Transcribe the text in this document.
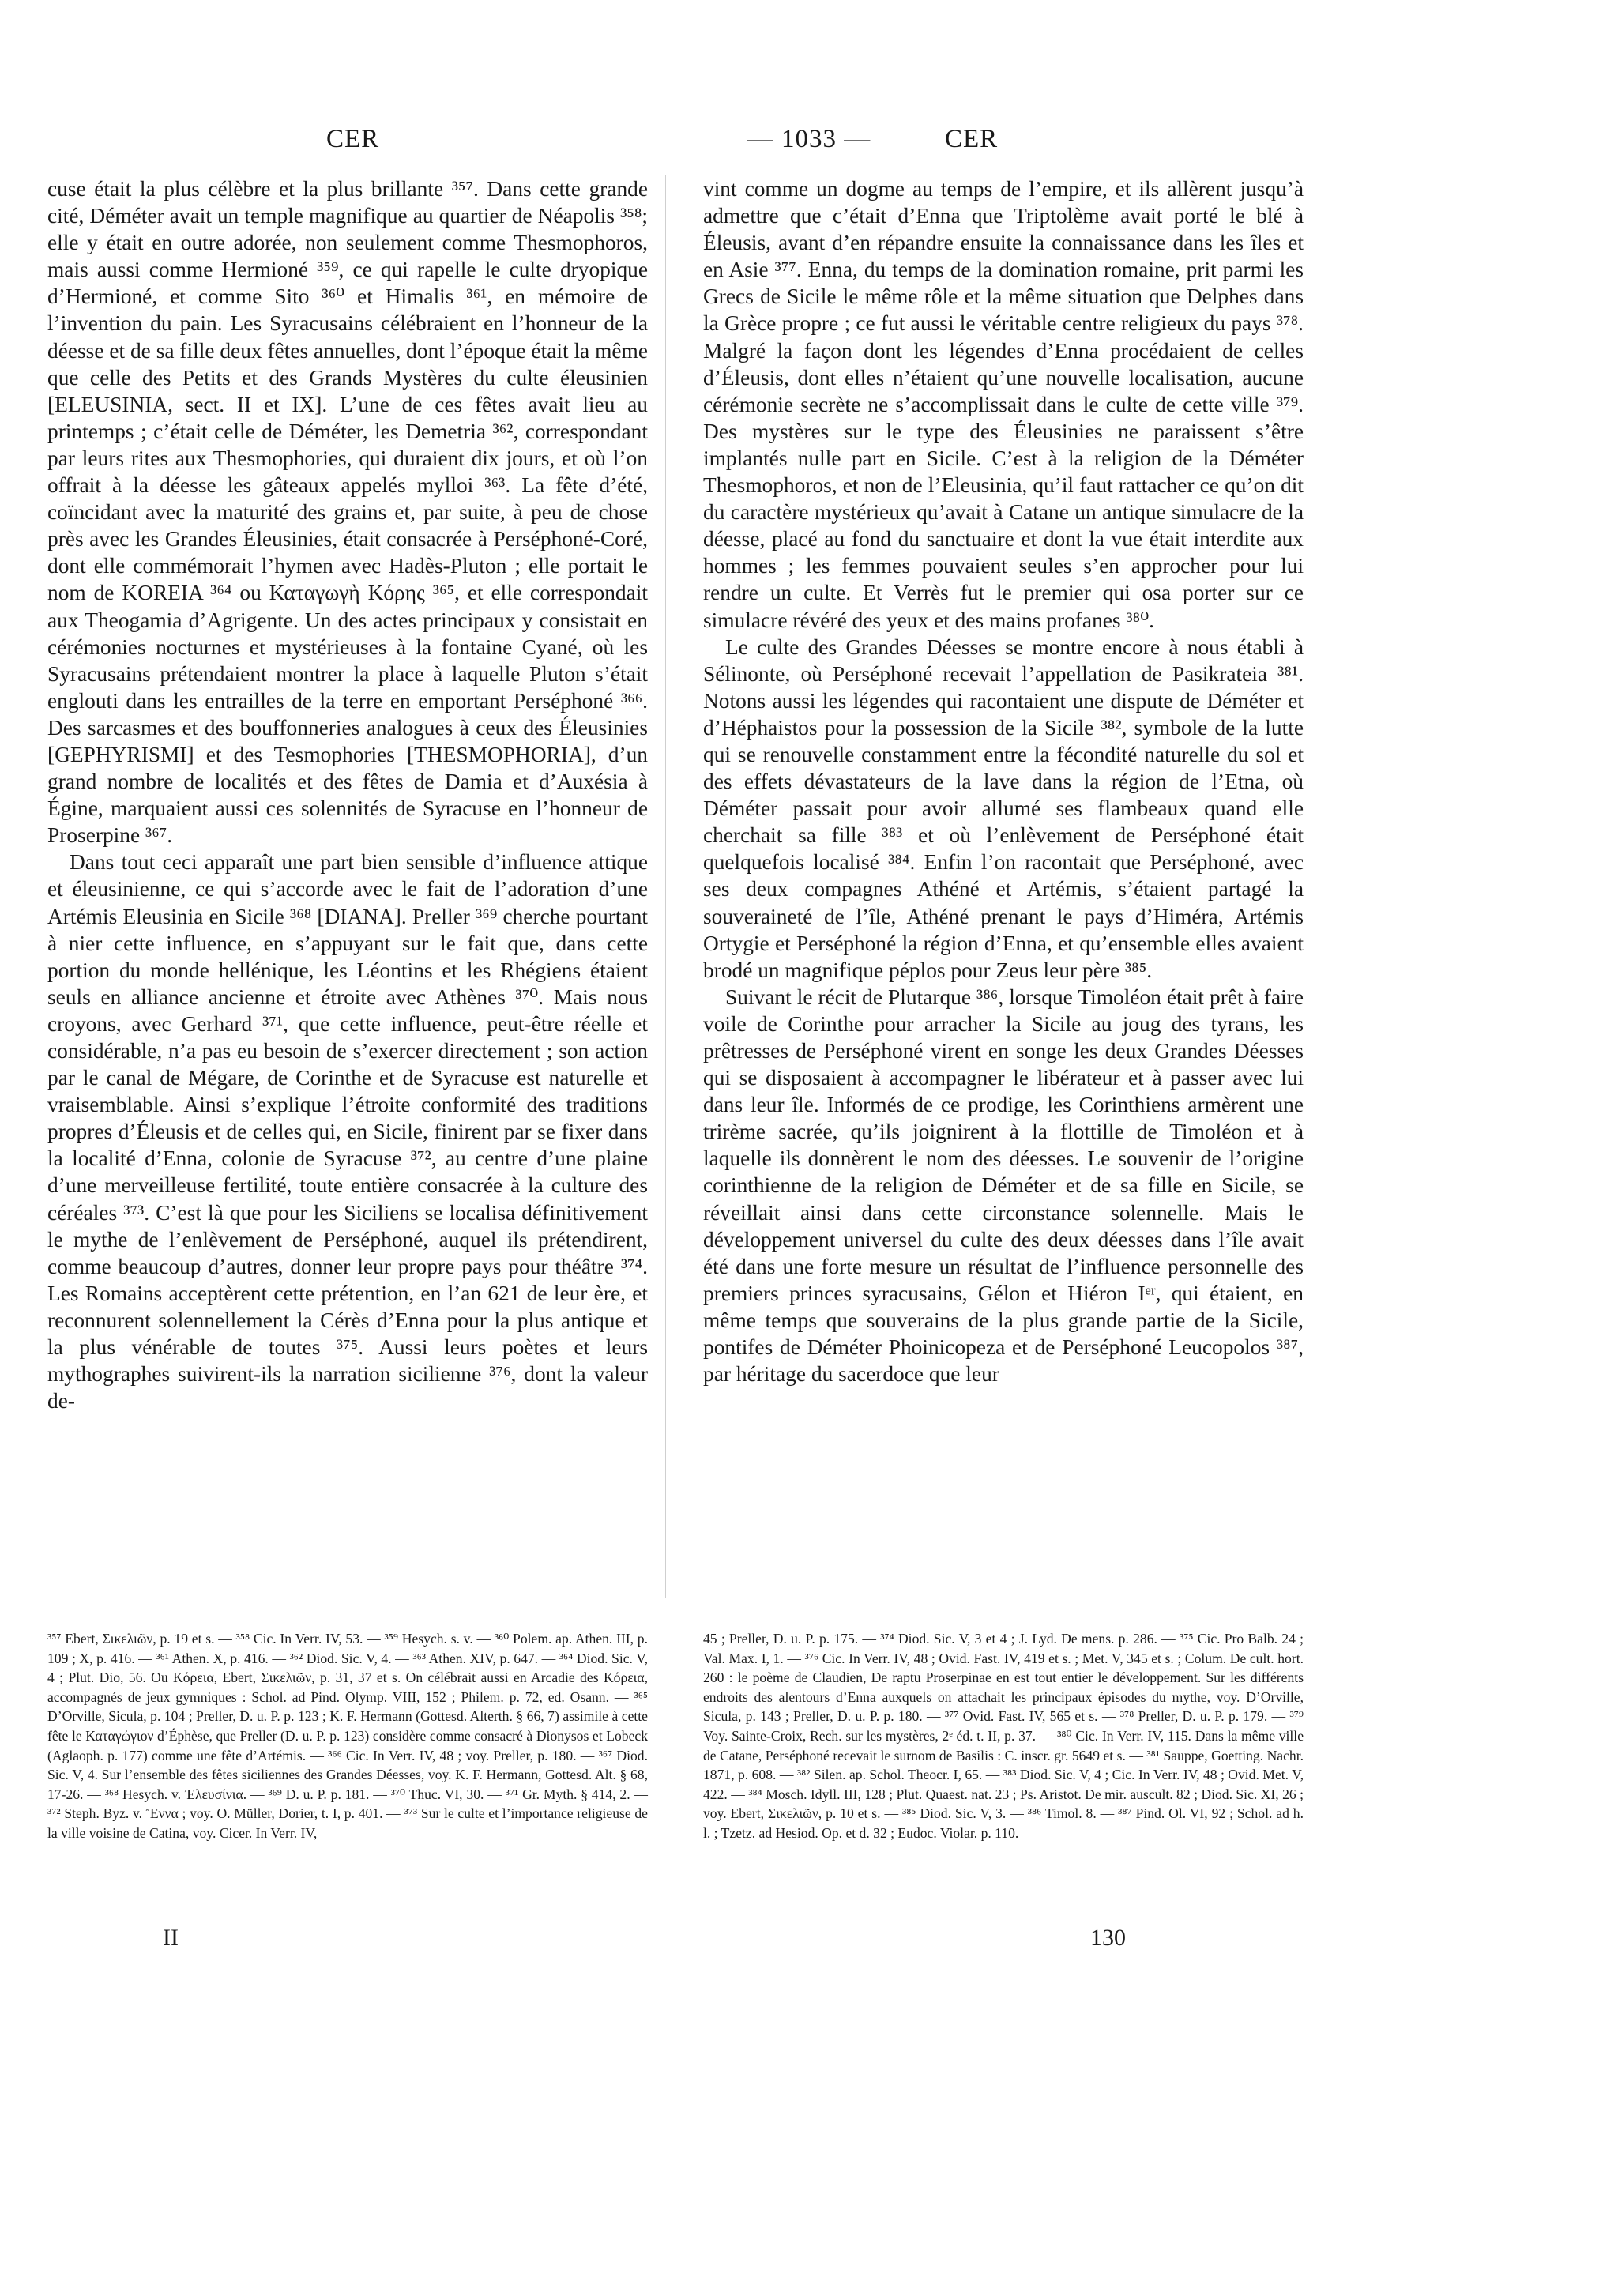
CER	— 1033 —	CER

cuse était la plus célèbre et la plus brillante ³⁵⁷. Dans cette grande cité, Déméter avait un temple magnifique au quartier de Néapolis ³⁵⁸; elle y était en outre adorée, non seulement comme Thesmophoros, mais aussi comme Hermioné ³⁵⁹, ce qui rapelle le culte dryopique d’Hermioné, et comme Sito ³⁶⁰ et Himalis ³⁶¹, en mémoire de l’invention du pain. Les Syracusains célébraient en l’honneur de la déesse et de sa fille deux fêtes annuelles, dont l’époque était la même que celle des Petits et des Grands Mystères du culte éleusinien [ELEUSINIA, sect. II et IX]. L’une de ces fêtes avait lieu au printemps ; c’était celle de Déméter, les Demetria ³⁶², correspondant par leurs rites aux Thesmophories, qui duraient dix jours, et où l’on offrait à la déesse les gâteaux appelés mylloi ³⁶³. La fête d’été, coïncidant avec la maturité des grains et, par suite, à peu de chose près avec les Grandes Éleusinies, était consacrée à Perséphoné-Coré, dont elle commémorait l’hymen avec Hadès-Pluton ; elle portait le nom de KOREIA ³⁶⁴ ou Καταγωγὴ Κόρης ³⁶⁵, et elle correspondait aux Theogamia d’Agrigente. Un des actes principaux y consistait en cérémonies nocturnes et mystérieuses à la fontaine Cyané, où les Syracusains prétendaient montrer la place à laquelle Pluton s’était englouti dans les entrailles de la terre en emportant Perséphoné ³⁶⁶. Des sarcasmes et des bouffonneries analogues à ceux des Éleusinies [GEPHYRISMI] et des Tesmophories [THESMOPHORIA], d’un grand nombre de localités et des fêtes de Damia et d’Auxésia à Égine, marquaient aussi ces solennités de Syracuse en l’honneur de Proserpine ³⁶⁷.

Dans tout ceci apparaît une part bien sensible d’influence attique et éleusinienne, ce qui s’accorde avec le fait de l’adoration d’une Artémis Eleusinia en Sicile ³⁶⁸ [DIANA]. Preller ³⁶⁹ cherche pourtant à nier cette influence, en s’appuyant sur le fait que, dans cette portion du monde hellénique, les Léontins et les Rhégiens étaient seuls en alliance ancienne et étroite avec Athènes ³⁷⁰. Mais nous croyons, avec Gerhard ³⁷¹, que cette influence, peut-être réelle et considérable, n’a pas eu besoin de s’exercer directement ; son action par le canal de Mégare, de Corinthe et de Syracuse est naturelle et vraisemblable. Ainsi s’explique l’étroite conformité des traditions propres d’Éleusis et de celles qui, en Sicile, finirent par se fixer dans la localité d’Enna, colonie de Syracuse ³⁷², au centre d’une plaine d’une merveilleuse fertilité, toute entière consacrée à la culture des céréales ³⁷³. C’est là que pour les Siciliens se localisa définitivement le mythe de l’enlèvement de Perséphoné, auquel ils prétendirent, comme beaucoup d’autres, donner leur propre pays pour théâtre ³⁷⁴. Les Romains acceptèrent cette prétention, en l’an 621 de leur ère, et reconnurent solennellement la Cérès d’Enna pour la plus antique et la plus vénérable de toutes ³⁷⁵. Aussi leurs poètes et leurs mythographes suivirent-ils la narration sicilienne ³⁷⁶, dont la valeur de-

vint comme un dogme au temps de l’empire, et ils allèrent jusqu’à admettre que c’était d’Enna que Triptolème avait porté le blé à Éleusis, avant d’en répandre ensuite la connaissance dans les îles et en Asie ³⁷⁷. Enna, du temps de la domination romaine, prit parmi les Grecs de Sicile le même rôle et la même situation que Delphes dans la Grèce propre ; ce fut aussi le véritable centre religieux du pays ³⁷⁸. Malgré la façon dont les légendes d’Enna procédaient de celles d’Éleusis, dont elles n’étaient qu’une nouvelle localisation, aucune cérémonie secrète ne s’accomplissait dans le culte de cette ville ³⁷⁹. Des mystères sur le type des Éleusinies ne paraissent s’être implantés nulle part en Sicile. C’est à la religion de la Déméter Thesmophoros, et non de l’Eleusinia, qu’il faut rattacher ce qu’on dit du caractère mystérieux qu’avait à Catane un antique simulacre de la déesse, placé au fond du sanctuaire et dont la vue était interdite aux hommes ; les femmes pouvaient seules s’en approcher pour lui rendre un culte. Et Verrès fut le premier qui osa porter sur ce simulacre révéré des yeux et des mains profanes ³⁸⁰.

Le culte des Grandes Déesses se montre encore à nous établi à Sélinonte, où Perséphoné recevait l’appellation de Pasikrateia ³⁸¹. Notons aussi les légendes qui racontaient une dispute de Déméter et d’Héphaistos pour la possession de la Sicile ³⁸², symbole de la lutte qui se renouvelle constamment entre la fécondité naturelle du sol et des effets dévastateurs de la lave dans la région de l’Etna, où Déméter passait pour avoir allumé ses flambeaux quand elle cherchait sa fille ³⁸³ et où l’enlèvement de Perséphoné était quelquefois localisé ³⁸⁴. Enfin l’on racontait que Perséphoné, avec ses deux compagnes Athéné et Artémis, s’étaient partagé la souveraineté de l’île, Athéné prenant le pays d’Himéra, Artémis Ortygie et Perséphoné la région d’Enna, et qu’ensemble elles avaient brodé un magnifique péplos pour Zeus leur père ³⁸⁵.

Suivant le récit de Plutarque ³⁸⁶, lorsque Timoléon était prêt à faire voile de Corinthe pour arracher la Sicile au joug des tyrans, les prêtresses de Perséphoné virent en songe les deux Grandes Déesses qui se disposaient à accompagner le libérateur et à passer avec lui dans leur île. Informés de ce prodige, les Corinthiens armèrent une trirème sacrée, qu’ils joignirent à la flottille de Timoléon et à laquelle ils donnèrent le nom des déesses. Le souvenir de l’origine corinthienne de la religion de Déméter et de sa fille en Sicile, se réveillait ainsi dans cette circonstance solennelle. Mais le développement universel du culte des deux déesses dans l’île avait été dans une forte mesure un résultat de l’influence personnelle des premiers princes syracusains, Gélon et Hiéron Iᵉʳ, qui étaient, en même temps que souverains de la plus grande partie de la Sicile, pontifes de Déméter Phoinicopeza et de Perséphoné Leucopolos ³⁸⁷, par héritage du sacerdoce que leur

³⁵⁷ Ebert, Σικελιῶν, p. 19 et s. — ³⁵⁸ Cic. In Verr. IV, 53. — ³⁵⁹ Hesych. s. v. — ³⁶⁰ Polem. ap. Athen. III, p. 109 ; X, p. 416. — ³⁶¹ Athen. X, p. 416. — ³⁶² Diod. Sic. V, 4. — ³⁶³ Athen. XIV, p. 647. — ³⁶⁴ Diod. Sic. V, 4 ; Plut. Dio, 56. Ou Κόρεια, Ebert, Σικελιῶν, p. 31, 37 et s. On célébrait aussi en Arcadie des Κόρεια, accompagnés de jeux gymniques : Schol. ad Pind. Olymp. VIII, 152 ; Philem. p. 72, ed. Osann. — ³⁶⁵ D’Orville, Sicula, p. 104 ; Preller, D. u. P. p. 123 ; K. F. Hermann (Gottesd. Alterth. § 66, 7) assimile à cette fête le Καταγώγιον d’Éphèse, que Preller (D. u. P. p. 123) considère comme consacré à Dionysos et Lobeck (Aglaoph. p. 177) comme une fête d’Artémis. — ³⁶⁶ Cic. In Verr. IV, 48 ; voy. Preller, p. 180. — ³⁶⁷ Diod. Sic. V, 4. Sur l’ensemble des fêtes siciliennes des Grandes Déesses, voy. K. F. Hermann, Gottesd. Alt. § 68, 17-26. — ³⁶⁸ Hesych. v. Ἐλευσίνια. — ³⁶⁹ D. u. P. p. 181. — ³⁷⁰ Thuc. VI, 30. — ³⁷¹ Gr. Myth. § 414, 2. — ³⁷² Steph. Byz. v. Ἔννα ; voy. O. Müller, Dorier, t. I, p. 401. — ³⁷³ Sur le culte et l’importance religieuse de la ville voisine de Catina, voy. Cicer. In Verr. IV,
45 ; Preller, D. u. P. p. 175. — ³⁷⁴ Diod. Sic. V, 3 et 4 ; J. Lyd. De mens. p. 286. — ³⁷⁵ Cic. Pro Balb. 24 ; Val. Max. I, 1. — ³⁷⁶ Cic. In Verr. IV, 48 ; Ovid. Fast. IV, 419 et s. ; Met. V, 345 et s. ; Colum. De cult. hort. 260 : le poème de Claudien, De raptu Proserpinae en est tout entier le développement. Sur les différents endroits des alentours d’Enna auxquels on attachait les principaux épisodes du mythe, voy. D’Orville, Sicula, p. 143 ; Preller, D. u. P. p. 180. — ³⁷⁷ Ovid. Fast. IV, 565 et s. — ³⁷⁸ Preller, D. u. P. p. 179. — ³⁷⁹ Voy. Sainte-Croix, Rech. sur les mystères, 2ᵉ éd. t. II, p. 37. — ³⁸⁰ Cic. In Verr. IV, 115. Dans la même ville de Catane, Perséphoné recevait le surnom de Basilis : C. inscr. gr. 5649 et s. — ³⁸¹ Sauppe, Goetting. Nachr. 1871, p. 608. — ³⁸² Silen. ap. Schol. Theocr. I, 65. — ³⁸³ Diod. Sic. V, 4 ; Cic. In Verr. IV, 48 ; Ovid. Met. V, 422. — ³⁸⁴ Mosch. Idyll. III, 128 ; Plut. Quaest. nat. 23 ; Ps. Aristot. De mir. auscult. 82 ; Diod. Sic. XI, 26 ; voy. Ebert, Σικελιῶν, p. 10 et s. — ³⁸⁵ Diod. Sic. V, 3. — ³⁸⁶ Timol. 8. — ³⁸⁷ Pind. Ol. VI, 92 ; Schol. ad h. l. ; Tzetz. ad Hesiod. Op. et d. 32 ; Eudoc. Violar. p. 110.
II	130
